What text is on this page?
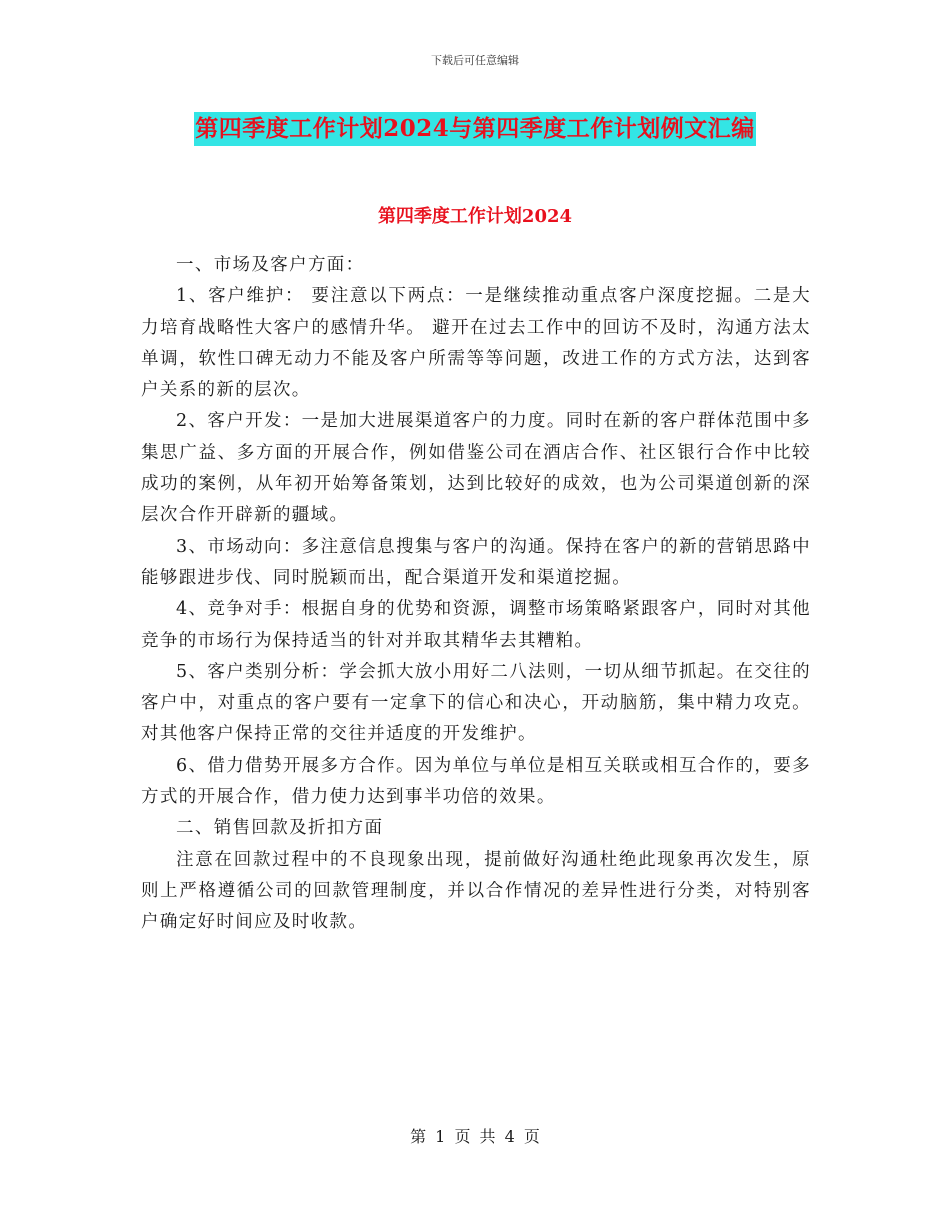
下载后可任意编辑
第四季度工作计划2024与第四季度工作计划例文汇编
第四季度工作计划2024

一、市场及客户方面：

1、客户维护： 要注意以下两点：一是继续推动重点客户深度挖掘。二是大力培育战略性大客户的感情升华。 避开在过去工作中的回访不及时，沟通方法太单调，软性口碑无动力不能及客户所需等等问题，改进工作的方式方法，达到客户关系的新的层次。

2、客户开发：一是加大进展渠道客户的力度。同时在新的客户群体范围中多集思广益、多方面的开展合作，例如借鉴公司在酒店合作、社区银行合作中比较成功的案例，从年初开始筹备策划，达到比较好的成效，也为公司渠道创新的深层次合作开辟新的疆域。

3、市场动向：多注意信息搜集与客户的沟通。保持在客户的新的营销思路中能够跟进步伐、同时脱颖而出，配合渠道开发和渠道挖掘。

4、竞争对手：根据自身的优势和资源，调整市场策略紧跟客户，同时对其他竞争的市场行为保持适当的针对并取其精华去其糟粕。

5、客户类别分析：学会抓大放小用好二八法则，一切从细节抓起。在交往的客户中，对重点的客户要有一定拿下的信心和决心，开动脑筋，集中精力攻克。对其他客户保持正常的交往并适度的开发维护。

6、借力借势开展多方合作。因为单位与单位是相互关联或相互合作的，要多方式的开展合作，借力使力达到事半功倍的效果。

二、销售回款及折扣方面

注意在回款过程中的不良现象出现，提前做好沟通杜绝此现象再次发生，原则上严格遵循公司的回款管理制度，并以合作情况的差异性进行分类，对特别客户确定好时间应及时收款。

第 1 页 共 4 页
